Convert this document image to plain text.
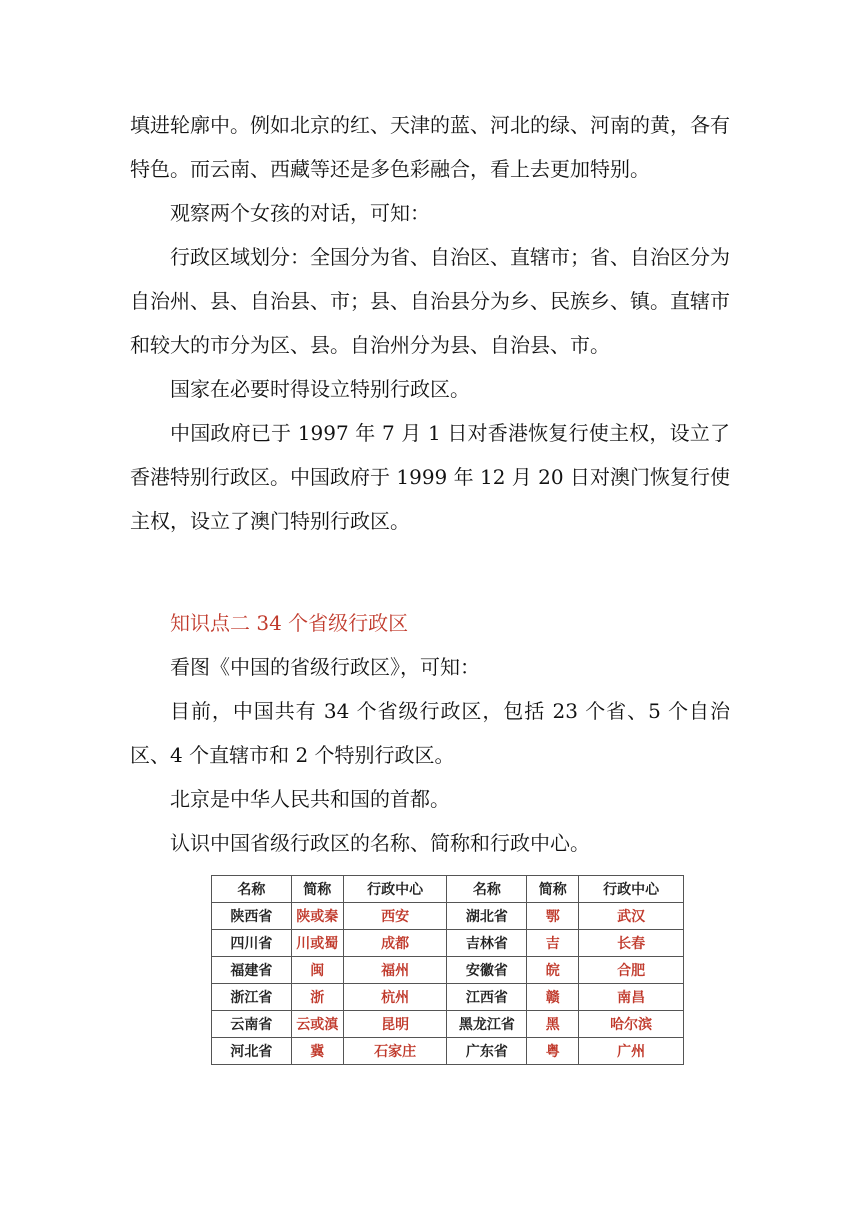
填进轮廓中。例如北京的红、天津的蓝、河北的绿、河南的黄，各有特色。而云南、西藏等还是多色彩融合，看上去更加特别。

观察两个女孩的对话，可知：

行政区域划分：全国分为省、自治区、直辖市；省、自治区分为自治州、县、自治县、市；县、自治县分为乡、民族乡、镇。直辖市和较大的市分为区、县。自治州分为县、自治县、市。

国家在必要时得设立特别行政区。

中国政府已于 1997 年 7 月 1 日对香港恢复行使主权，设立了香港特别行政区。中国政府于 1999 年 12 月 20 日对澳门恢复行使主权，设立了澳门特别行政区。

知识点二 34 个省级行政区

看图《中国的省级行政区》，可知：

目前，中国共有 34 个省级行政区，包括 23 个省、5 个自治区、4 个直辖市和 2 个特别行政区。

北京是中华人民共和国的首都。

认识中国省级行政区的名称、简称和行政中心。

名称	简称	行政中心	名称	简称	行政中心
陕西省	陕或秦	西安	湖北省	鄂	武汉
四川省	川或蜀	成都	吉林省	吉	长春
福建省	闽	福州	安徽省	皖	合肥
浙江省	浙	杭州	江西省	赣	南昌
云南省	云或滇	昆明	黑龙江省	黑	哈尔滨
河北省	冀	石家庄	广东省	粤	广州
